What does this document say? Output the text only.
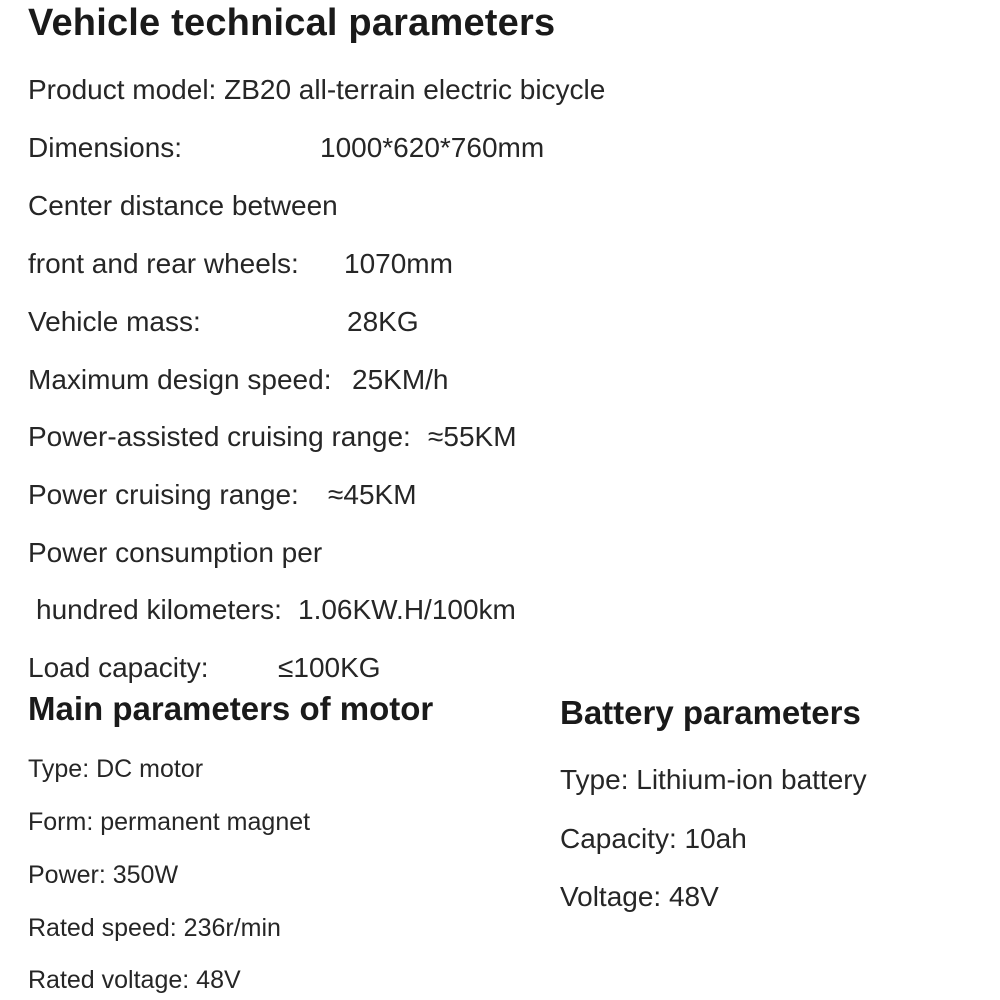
Vehicle technical parameters
Product model: ZB20 all-terrain electric bicycle
Dimensions:	1000*620*760mm
Center distance between
front and rear wheels: 1070mm
Vehicle mass:	28KG
Maximum design speed: 25KM/h
Power-assisted cruising range: ≈55KM
Power cruising range: ≈45KM
Power consumption per
hundred kilometers: 1.06KW.H/100km
Load capacity: ≤100KG
Main parameters of motor
Type: DC motor
Form: permanent magnet
Power: 350W
Rated speed: 236r/min
Rated voltage: 48V
Battery parameters
Type: Lithium-ion battery
Capacity: 10ah
Voltage: 48V
